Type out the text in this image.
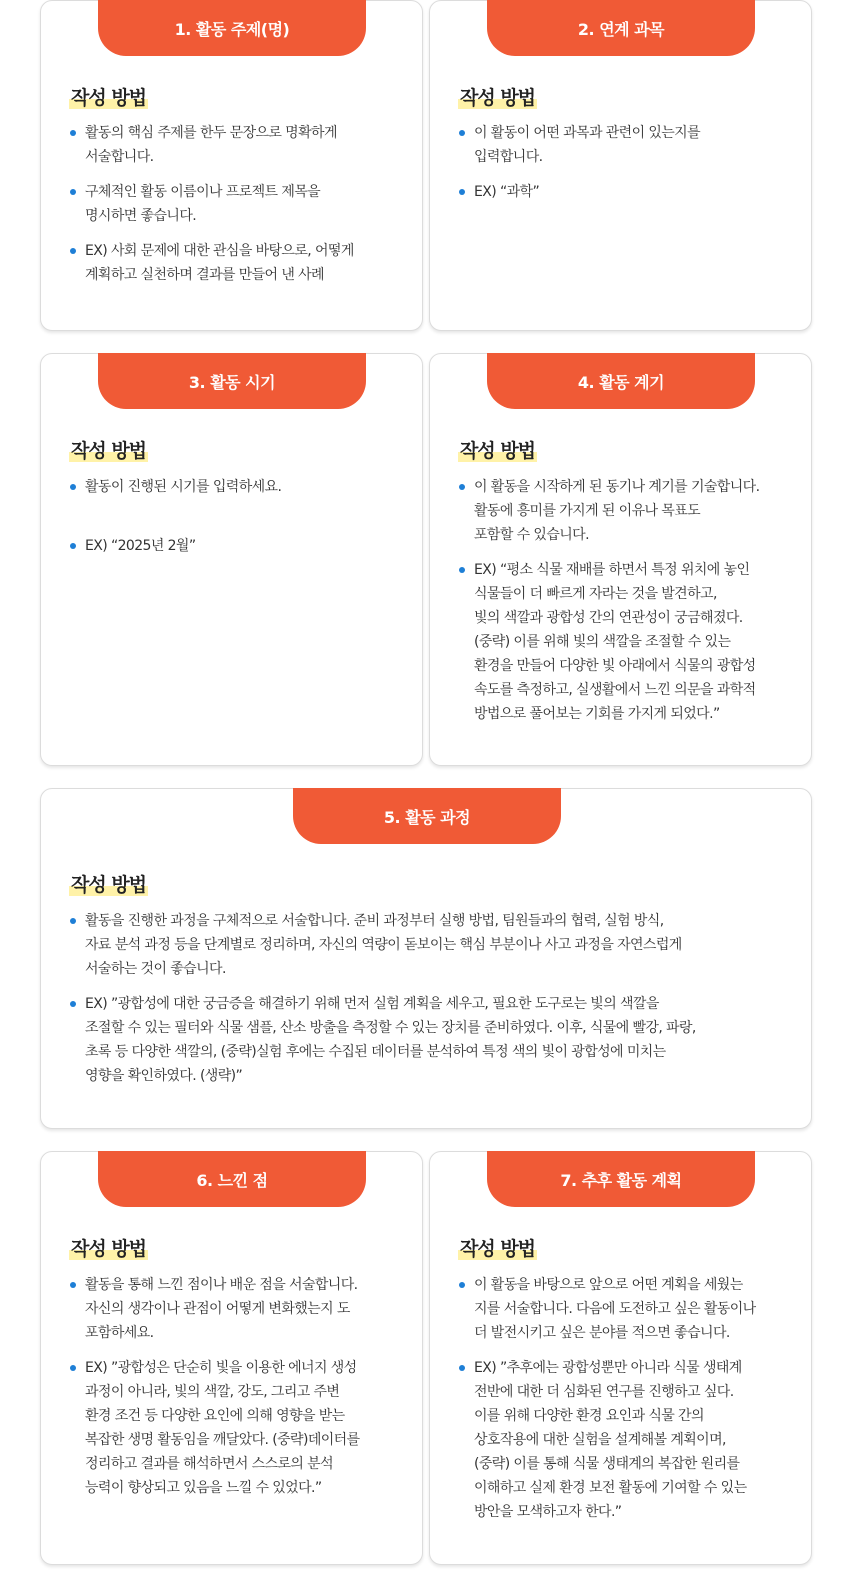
1. 활동 주제(명)
작성 방법
활동의 핵심 주제를 한두 문장으로 명확하게
서술합니다.
구체적인 활동 이름이나 프로젝트 제목을
명시하면 좋습니다.
EX) 사회 문제에 대한 관심을 바탕으로, 어떻게
계획하고 실천하며 결과를 만들어 낸 사례
2. 연계 과목
작성 방법
이 활동이 어떤 과목과 관련이 있는지를
입력합니다.
EX) “과학”
3. 활동 시기
작성 방법
활동이 진행된 시기를 입력하세요.
EX) “2025년 2월”
4. 활동 계기
작성 방법
이 활동을 시작하게 된 동기나 계기를 기술합니다.
활동에 흥미를 가지게 된 이유나 목표도
포함할 수 있습니다.
EX) “평소 식물 재배를 하면서 특정 위치에 놓인
식물들이 더 빠르게 자라는 것을 발견하고,
빛의 색깔과 광합성 간의 연관성이 궁금해졌다.
(중략) 이를 위해 빛의 색깔을 조절할 수 있는
환경을 만들어 다양한 빛 아래에서 식물의 광합성
속도를 측정하고, 실생활에서 느낀 의문을 과학적
방법으로 풀어보는 기회를 가지게 되었다.”
5. 활동 과정
작성 방법
활동을 진행한 과정을 구체적으로 서술합니다. 준비 과정부터 실행 방법, 팀원들과의 협력, 실험 방식,
자료 분석 과정 등을 단계별로 정리하며, 자신의 역량이 돋보이는 핵심 부분이나 사고 과정을 자연스럽게
서술하는 것이 좋습니다.
EX) ”광합성에 대한 궁금증을 해결하기 위해 먼저 실험 계획을 세우고, 필요한 도구로는 빛의 색깔을
조절할 수 있는 필터와 식물 샘플, 산소 방출을 측정할 수 있는 장치를 준비하였다. 이후, 식물에 빨강, 파랑,
초록 등 다양한 색깔의, (중략)실험 후에는 수집된 데이터를 분석하여 특정 색의 빛이 광합성에 미치는
영향을 확인하였다. (생략)”
6. 느낀 점
작성 방법
활동을 통해 느낀 점이나 배운 점을 서술합니다.
자신의 생각이나 관점이 어떻게 변화했는지 도
포함하세요.
EX) ”광합성은 단순히 빛을 이용한 에너지 생성
과정이 아니라, 빛의 색깔, 강도, 그리고 주변
환경 조건 등 다양한 요인에 의해 영향을 받는
복잡한 생명 활동임을 깨달았다. (중략)데이터를
정리하고 결과를 해석하면서 스스로의 분석
능력이 향상되고 있음을 느낄 수 있었다.”
7. 추후 활동 계획
작성 방법
이 활동을 바탕으로 앞으로 어떤 계획을 세웠는
지를 서술합니다. 다음에 도전하고 싶은 활동이나
더 발전시키고 싶은 분야를 적으면 좋습니다.
EX) ”추후에는 광합성뿐만 아니라 식물 생태계
전반에 대한 더 심화된 연구를 진행하고 싶다.
이를 위해 다양한 환경 요인과 식물 간의
상호작용에 대한 실험을 설계해볼 계획이며,
(중략) 이를 통해 식물 생태계의 복잡한 원리를
이해하고 실제 환경 보전 활동에 기여할 수 있는
방안을 모색하고자 한다.”
